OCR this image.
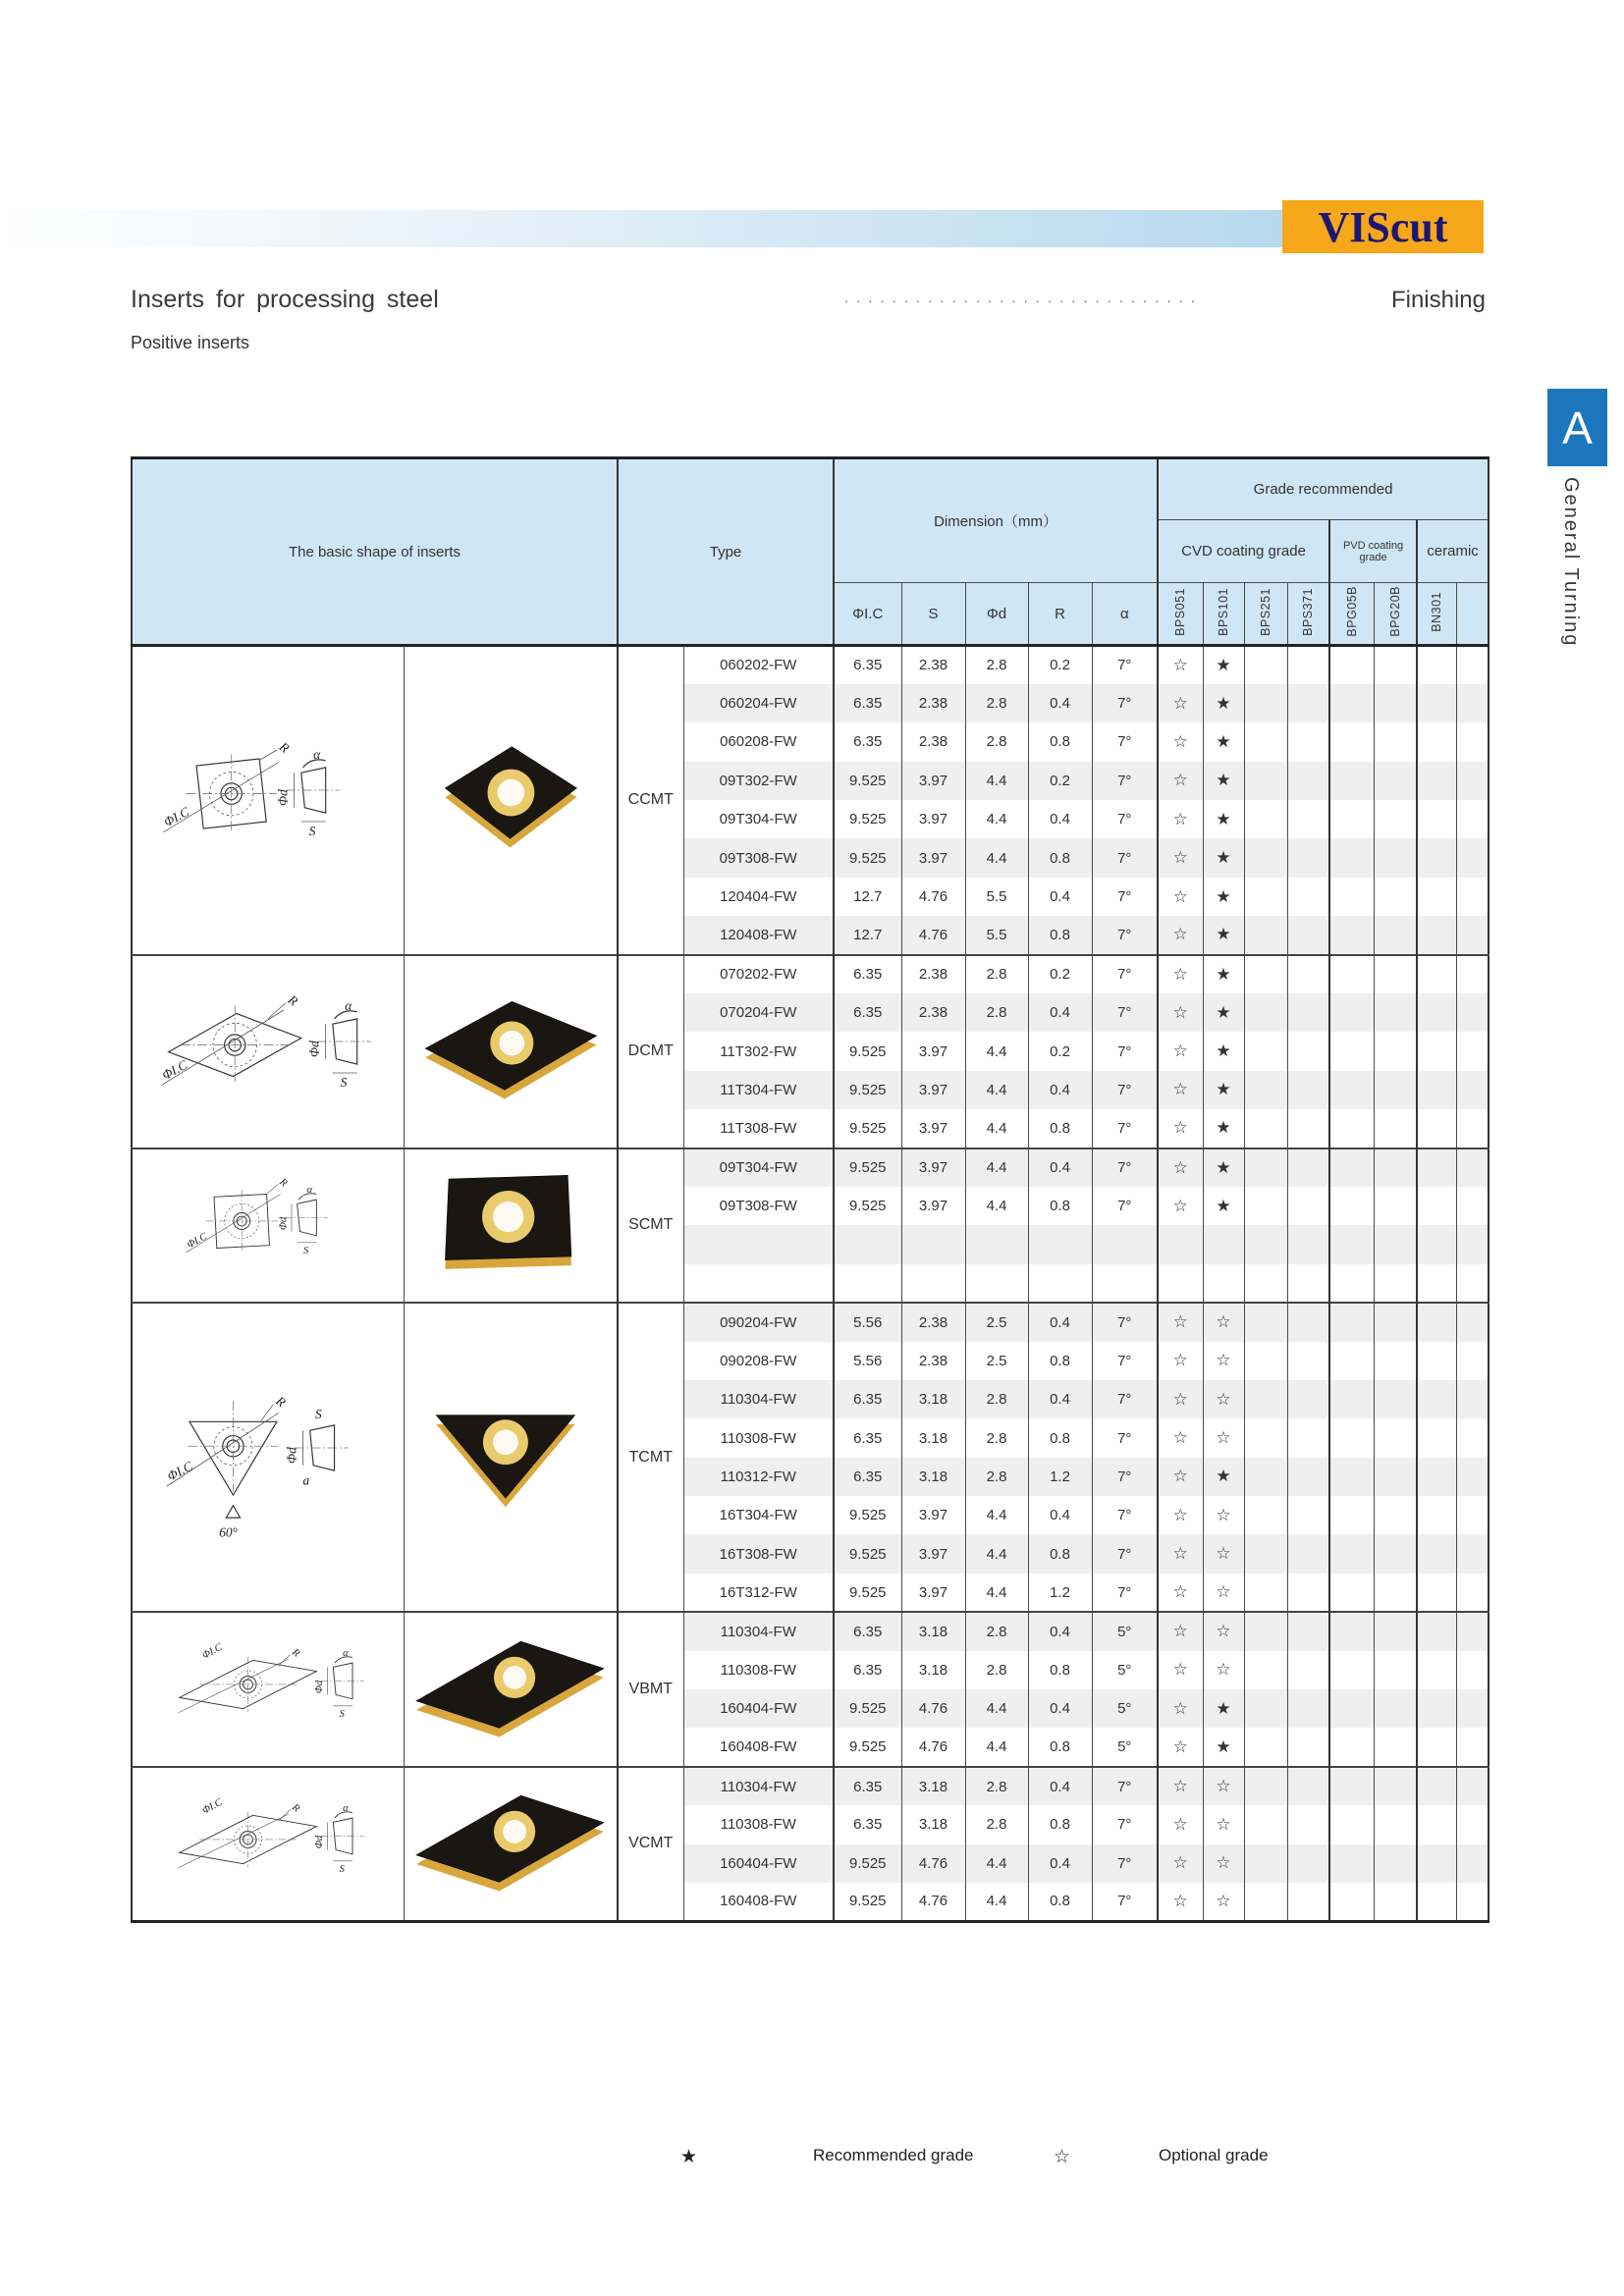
VIScut
Inserts for processing steel	..............................	Finishing
Positive inserts
A
General Turning
The basic shape of inserts		Type		Dimension（mm）					Grade recommended							
									CVD coating grade				PVD coating grade		ceramic	
				ΦI.C	S	Φd	R	α	BPS051	BPS101	BPS251	BPS371	BPG05B	BPG20B	BN301	

ΦI.C
R
Φd
α
S		CCMT	060202-FW	6.35	2.38	2.8	0.2	7°	☆	★						
			060204-FW	6.35	2.38	2.8	0.4	7°	☆	★						
			060208-FW	6.35	2.38	2.8	0.8	7°	☆	★						
			09T302-FW	9.525	3.97	4.4	0.2	7°	☆	★						
			09T304-FW	9.525	3.97	4.4	0.4	7°	☆	★						
			09T308-FW	9.525	3.97	4.4	0.8	7°	☆	★						
			120404-FW	12.7	4.76	5.5	0.4	7°	☆	★						
			120408-FW	12.7	4.76	5.5	0.8	7°	☆	★						

ΦI.C
R
Φd
α
S		DCMT	070202-FW	6.35	2.38	2.8	0.2	7°	☆	★						
			070204-FW	6.35	2.38	2.8	0.4	7°	☆	★						
			11T302-FW	9.525	3.97	4.4	0.2	7°	☆	★						
			11T304-FW	9.525	3.97	4.4	0.4	7°	☆	★						
			11T308-FW	9.525	3.97	4.4	0.8	7°	☆	★						

ΦI.C
R
Φd
α
S		SCMT	09T304-FW	9.525	3.97	4.4	0.4	7°	☆	★						
			09T308-FW	9.525	3.97	4.4	0.8	7°	☆	★						

ΦI.C
R
60°
S
Φd
a
		TCMT	090204-FW	5.56	2.38	2.5	0.4	7°	☆	☆						
			090208-FW	5.56	2.38	2.5	0.8	7°	☆	☆						
			110304-FW	6.35	3.18	2.8	0.4	7°	☆	☆						
			110308-FW	6.35	3.18	2.8	0.8	7°	☆	☆						
			110312-FW	6.35	3.18	2.8	1.2	7°	☆	★						
			16T304-FW	9.525	3.97	4.4	0.4	7°	☆	☆						
			16T308-FW	9.525	3.97	4.4	0.8	7°	☆	☆						
			16T312-FW	9.525	3.97	4.4	1.2	7°	☆	☆						

ΦI.C R
Φd
α
S		VBMT	110304-FW	6.35	3.18	2.8	0.4	5°	☆	☆						
			110308-FW	6.35	3.18	2.8	0.8	5°	☆	☆						
			160404-FW	9.525	4.76	4.4	0.4	5°	☆	★						
			160408-FW	9.525	4.76	4.4	0.8	5°	☆	★						

ΦI.C R
Φd
α
S		VCMT	110304-FW	6.35	3.18	2.8	0.4	7°	☆	☆						
			110308-FW	6.35	3.18	2.8	0.8	7°	☆	☆						
			160404-FW	9.525	4.76	4.4	0.4	7°	☆	☆						
			160408-FW	9.525	4.76	4.4	0.8	7°	☆	☆						
★	Recommended grade	☆	Optional grade
